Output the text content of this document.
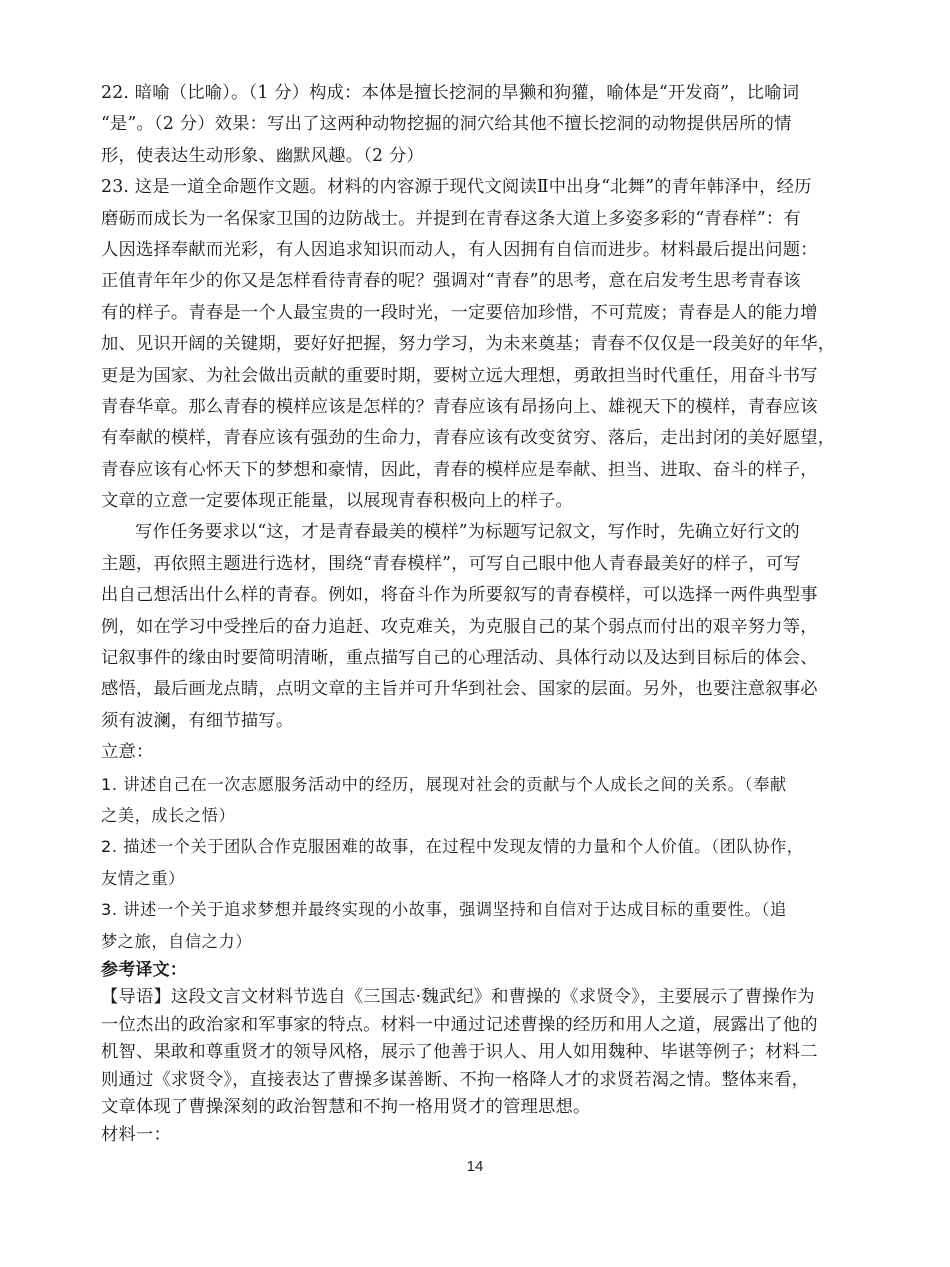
22. 暗喻（比喻）。（1 分）构成：本体是擅长挖洞的旱獭和狗獾，喻体是“开发商”，比喻词
“是”。（2 分）效果：写出了这两种动物挖掘的洞穴给其他不擅长挖洞的动物提供居所的情
形，使表达生动形象、幽默风趣。（2 分）
23. 这是一道全命题作文题。材料的内容源于现代文阅读Ⅱ中出身“北舞”的青年韩泽中，经历
磨砺而成长为一名保家卫国的边防战士。并提到在青春这条大道上多姿多彩的“青春样”：有
人因选择奉献而光彩，有人因追求知识而动人，有人因拥有自信而进步。材料最后提出问题：
正值青年年少的你又是怎样看待青春的呢？强调对“青春”的思考，意在启发考生思考青春该
有的样子。青春是一个人最宝贵的一段时光，一定要倍加珍惜，不可荒废；青春是人的能力增
加、见识开阔的关键期，要好好把握，努力学习，为未来奠基；青春不仅仅是一段美好的年华，
更是为国家、为社会做出贡献的重要时期，要树立远大理想，勇敢担当时代重任，用奋斗书写
青春华章。那么青春的模样应该是怎样的？青春应该有昂扬向上、雄视天下的模样，青春应该
有奉献的模样，青春应该有强劲的生命力，青春应该有改变贫穷、落后，走出封闭的美好愿望，
青春应该有心怀天下的梦想和豪情，因此，青春的模样应是奉献、担当、进取、奋斗的样子，
文章的立意一定要体现正能量，以展现青春积极向上的样子。
写作任务要求以“这，才是青春最美的模样”为标题写记叙文，写作时，先确立好行文的
主题，再依照主题进行选材，围绕“青春模样”，可写自己眼中他人青春最美好的样子，可写
出自己想活出什么样的青春。例如，将奋斗作为所要叙写的青春模样，可以选择一两件典型事
例，如在学习中受挫后的奋力追赶、攻克难关，为克服自己的某个弱点而付出的艰辛努力等，
记叙事件的缘由时要简明清晰，重点描写自己的心理活动、具体行动以及达到目标后的体会、
感悟，最后画龙点睛，点明文章的主旨并可升华到社会、国家的层面。另外，也要注意叙事必
须有波澜，有细节描写。
立意：
1. 讲述自己在一次志愿服务活动中的经历，展现对社会的贡献与个人成长之间的关系。（奉献
之美，成长之悟）
2. 描述一个关于团队合作克服困难的故事，在过程中发现友情的力量和个人价值。（团队协作，
友情之重）
3. 讲述一个关于追求梦想并最终实现的小故事，强调坚持和自信对于达成目标的重要性。（追
梦之旅，自信之力）
参考译文：
【导语】这段文言文材料节选自《三国志·魏武纪》和曹操的《求贤令》，主要展示了曹操作为
一位杰出的政治家和军事家的特点。材料一中通过记述曹操的经历和用人之道，展露出了他的
机智、果敢和尊重贤才的领导风格，展示了他善于识人、用人如用魏种、毕谌等例子；材料二
则通过《求贤令》，直接表达了曹操多谋善断、不拘一格降人才的求贤若渴之情。整体来看，
文章体现了曹操深刻的政治智慧和不拘一格用贤才的管理思想。
材料一：
14
